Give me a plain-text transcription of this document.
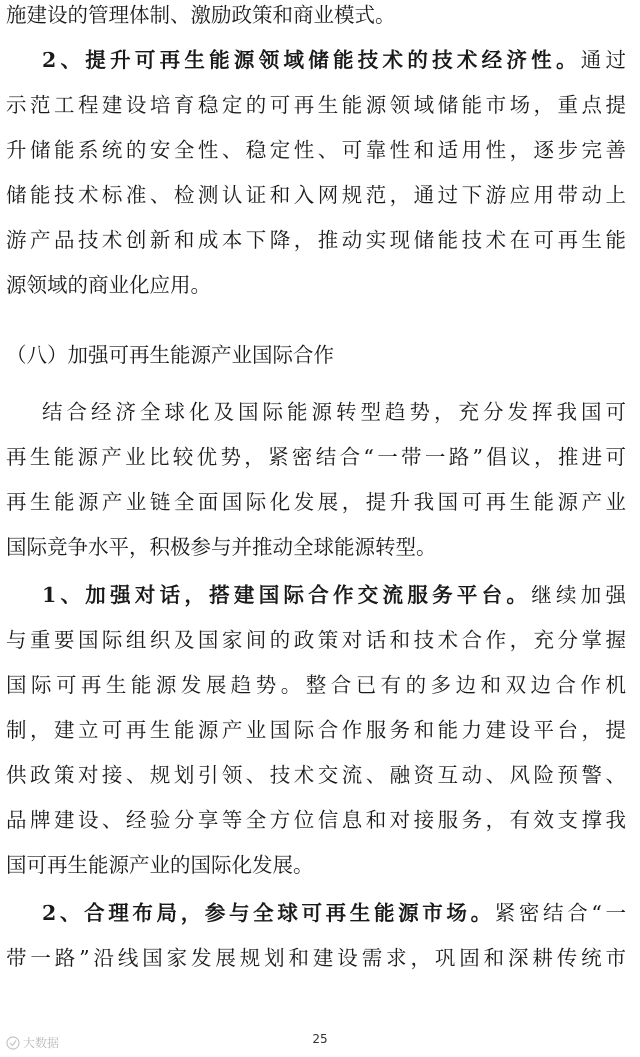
施建设的管理体制、激励政策和商业模式。
2、提升可再生能源领域储能技术的技术经济性。通过
示范工程建设培育稳定的可再生能源领域储能市场，重点提
升储能系统的安全性、稳定性、可靠性和适用性，逐步完善
储能技术标准、检测认证和入网规范，通过下游应用带动上
游产品技术创新和成本下降，推动实现储能技术在可再生能
源领域的商业化应用。
（八）加强可再生能源产业国际合作
结合经济全球化及国际能源转型趋势，充分发挥我国可
再生能源产业比较优势，紧密结合“一带一路”倡议，推进可
再生能源产业链全面国际化发展，提升我国可再生能源产业
国际竞争水平，积极参与并推动全球能源转型。
1、加强对话，搭建国际合作交流服务平台。继续加强
与重要国际组织及国家间的政策对话和技术合作，充分掌握
国际可再生能源发展趋势。整合已有的多边和双边合作机
制，建立可再生能源产业国际合作服务和能力建设平台，提
供政策对接、规划引领、技术交流、融资互动、风险预警、
品牌建设、经验分享等全方位信息和对接服务，有效支撑我
国可再生能源产业的国际化发展。
2、合理布局，参与全球可再生能源市场。紧密结合“一
带一路”沿线国家发展规划和建设需求，巩固和深耕传统市
大数据	25
